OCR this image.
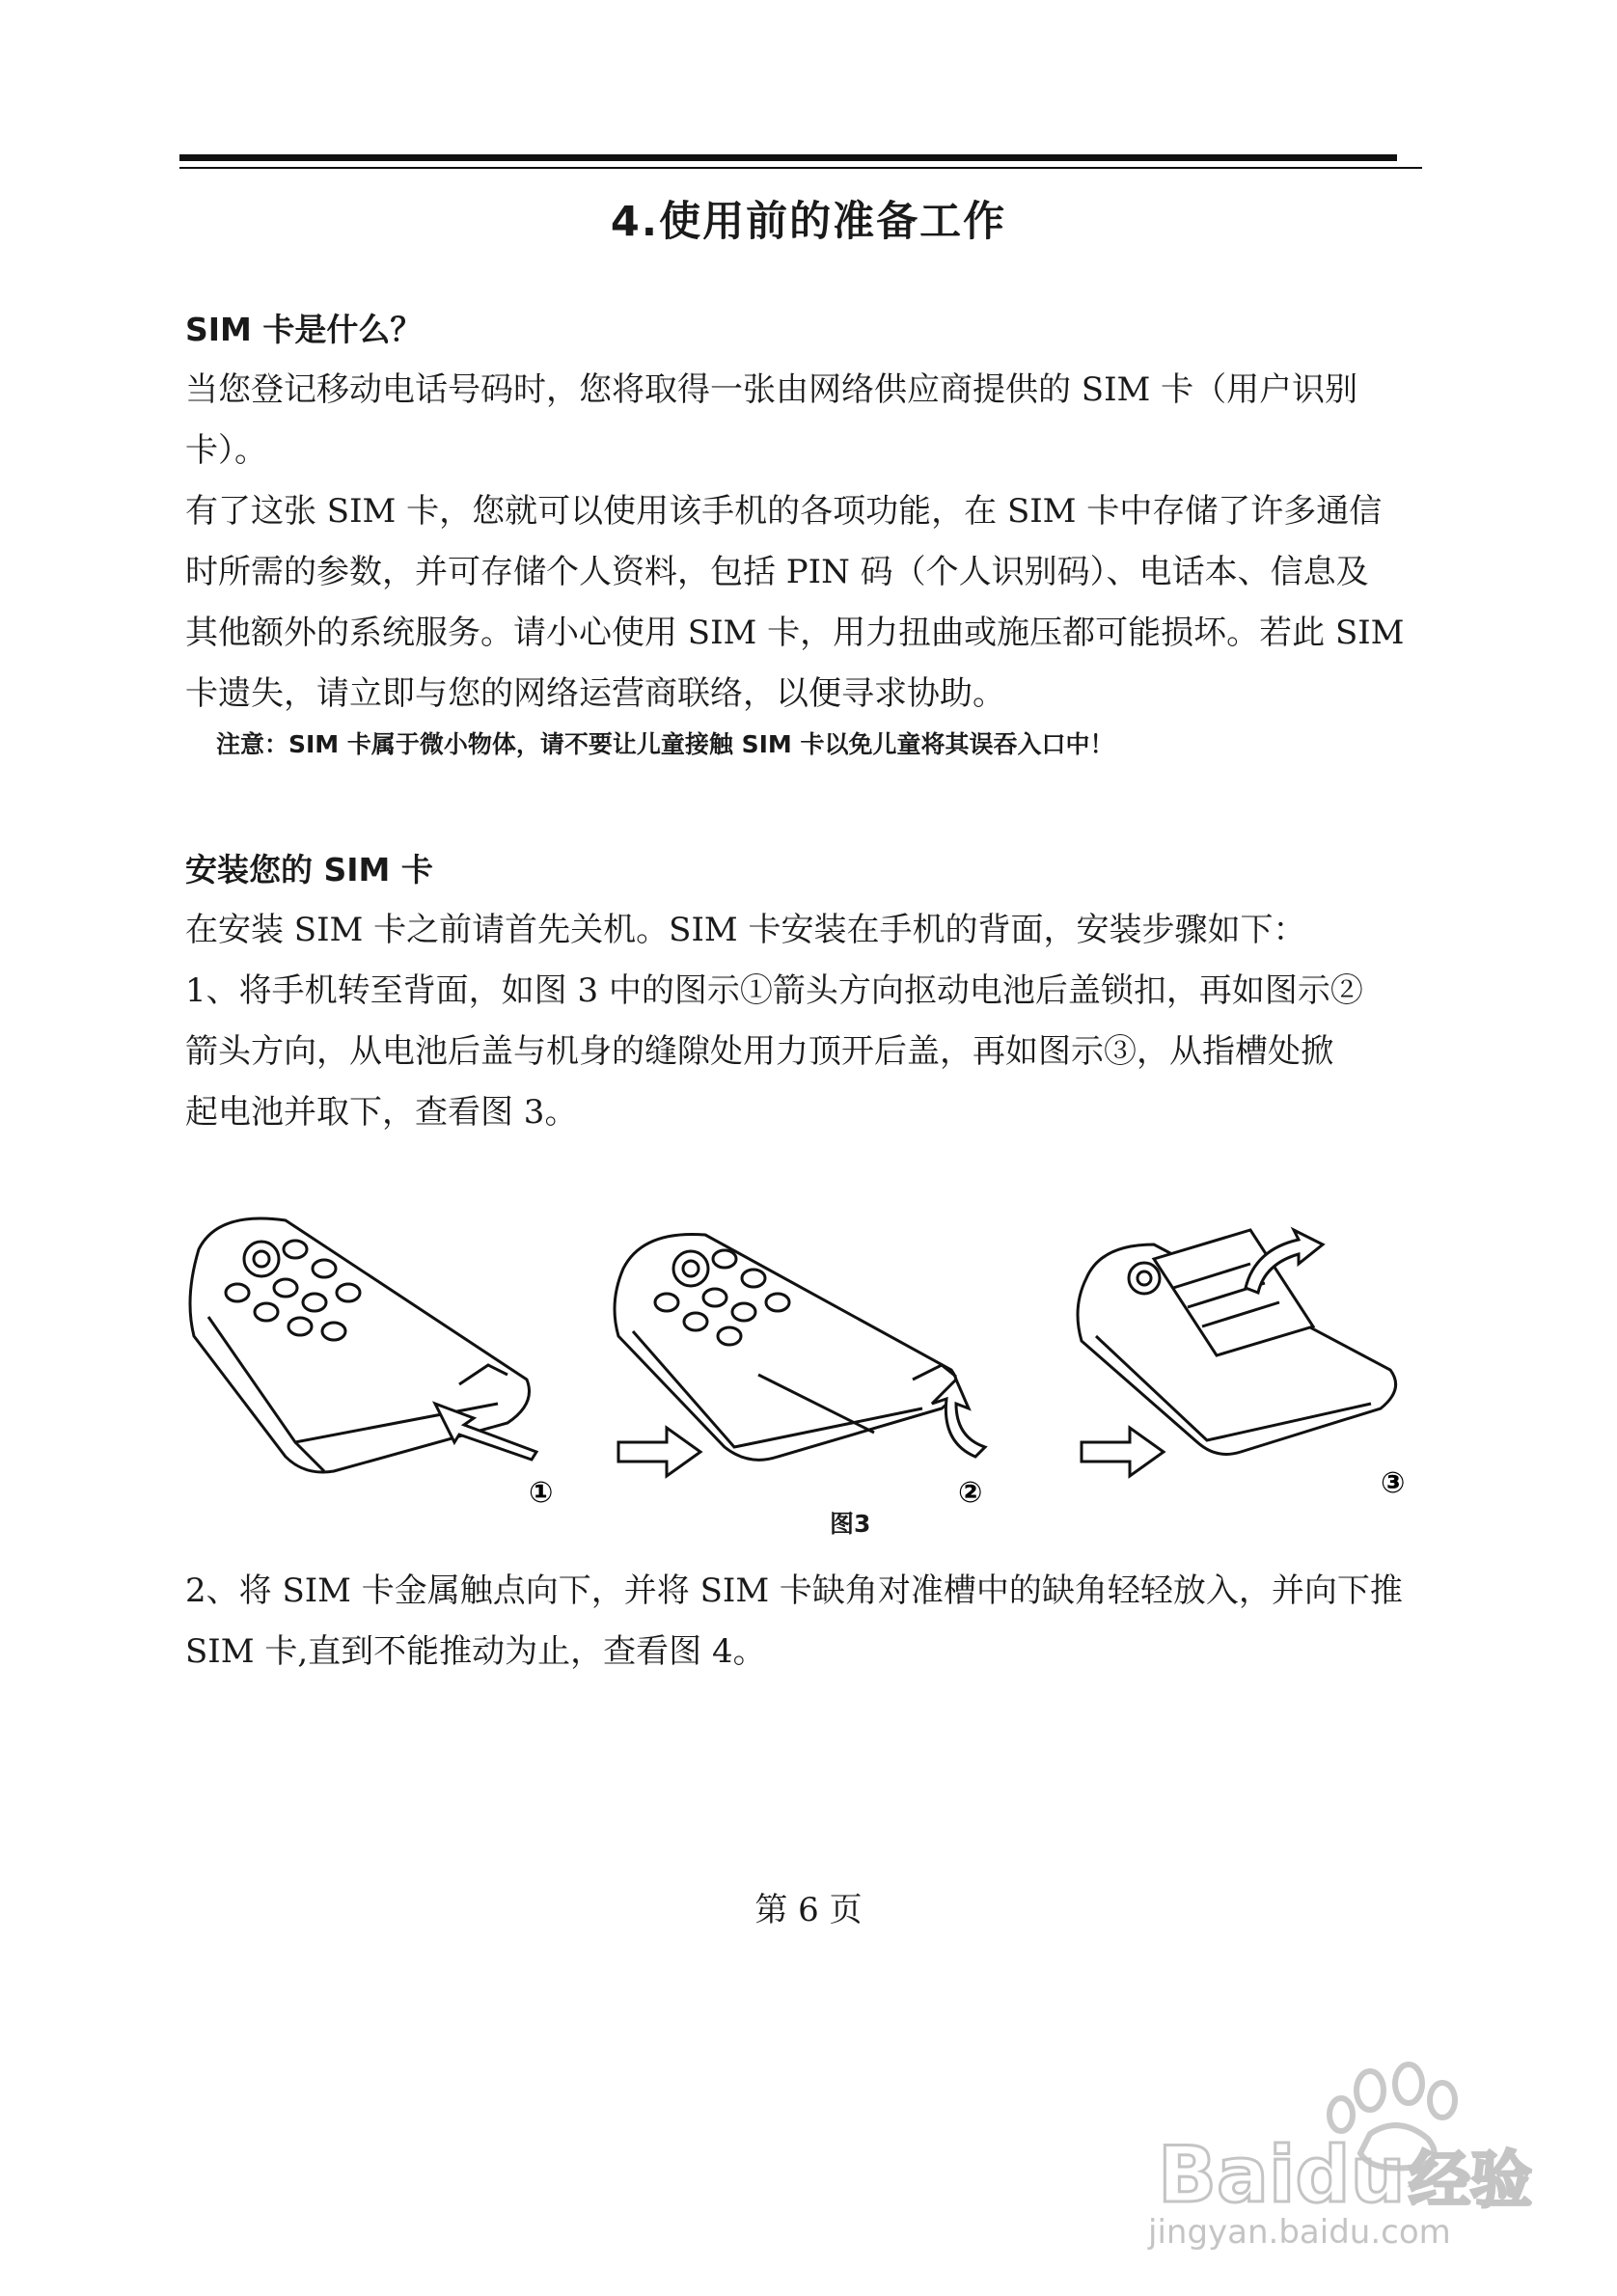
4.使用前的准备工作

SIM 卡是什么？

当您登记移动电话号码时，您将取得一张由网络供应商提供的 SIM 卡（用户识别

卡）。

有了这张 SIM 卡，您就可以使用该手机的各项功能，在 SIM 卡中存储了许多通信

时所需的参数，并可存储个人资料，包括 PIN 码（个人识别码）、电话本、信息及

其他额外的系统服务。请小心使用 SIM 卡，用力扭曲或施压都可能损坏。若此 SIM

卡遗失，请立即与您的网络运营商联络，以便寻求协助。

注意：SIM 卡属于微小物体，请不要让儿童接触 SIM 卡以免儿童将其误吞入口中！

安装您的 SIM 卡

在安装 SIM 卡之前请首先关机。SIM 卡安装在手机的背面，安装步骤如下：

1、将手机转至背面，如图 3 中的图示①箭头方向抠动电池后盖锁扣，再如图示②

箭头方向，从电池后盖与机身的缝隙处用力顶开后盖，再如图示③，从指槽处掀

起电池并取下，查看图 3。

①	②	③
图3

2、将 SIM 卡金属触点向下，并将 SIM 卡缺角对准槽中的缺角轻轻放入，并向下推

SIM 卡,直到不能推动为止，查看图 4。

第 6 页
Baidu 经验
jingyan.baidu.com
